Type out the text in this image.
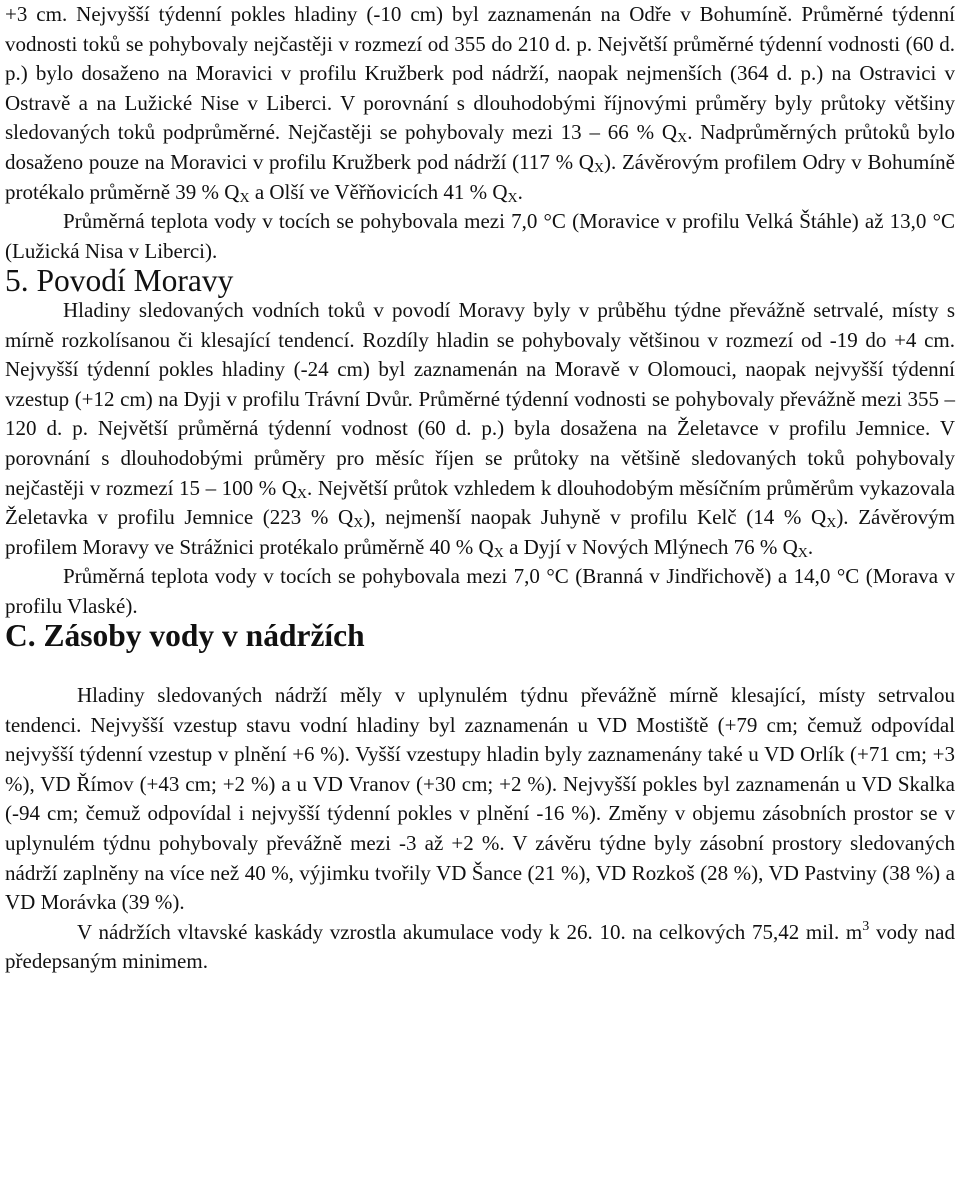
+3 cm. Nejvyšší týdenní pokles hladiny (-10 cm) byl zaznamenán na Odře v Bohumíně. Průměrné týdenní vodnosti toků se pohybovaly nejčastěji v rozmezí od 355 do 210 d. p. Největší průměrné týdenní vodnosti (60 d. p.) bylo dosaženo na Moravici v profilu Kružberk pod nádrží, naopak nejmenších (364 d. p.) na Ostravici v Ostravě a na Lužické Nise v Liberci. V porovnání s dlouhodobými říjnovými průměry byly průtoky většiny sledovaných toků podprůměrné. Nejčastěji se pohybovaly mezi 13 – 66 % $Q_X$. Nadprůměrných průtoků bylo dosaženo pouze na Moravici v profilu Kružberk pod nádrží (117 % $Q_X$). Závěrovým profilem Odry v Bohumíně protékalo průměrně 39 % $Q_X$ a Olší ve Věřňovicích 41 % $Q_X$.

Průměrná teplota vody v tocích se pohybovala mezi 7,0 °C (Moravice v profilu Velká Štáhle) až 13,0 °C (Lužická Nisa v Liberci).

5. Povodí Moravy

Hladiny sledovaných vodních toků v povodí Moravy byly v průběhu týdne převážně setrvalé, místy s mírně rozkolísanou či klesající tendencí. Rozdíly hladin se pohybovaly většinou v rozmezí od -19 do +4 cm. Nejvyšší týdenní pokles hladiny (-24 cm) byl zaznamenán na Moravě v Olomouci, naopak nejvyšší týdenní vzestup (+12 cm) na Dyji v profilu Trávní Dvůr. Průměrné týdenní vodnosti se pohybovaly převážně mezi 355 – 120 d. p. Největší průměrná týdenní vodnost (60 d. p.) byla dosažena na Želetavce v profilu Jemnice. V porovnání s dlouhodobými průměry pro měsíc říjen se průtoky na většině sledovaných toků pohybovaly nejčastěji v rozmezí 15 – 100 % $Q_X$. Největší průtok vzhledem k dlouhodobým měsíčním průměrům vykazovala Želetavka v profilu Jemnice (223 % $Q_X$), nejmenší naopak Juhyně v profilu Kelč (14 % $Q_X$). Závěrovým profilem Moravy ve Strážnici protékalo průměrně 40 % $Q_X$ a Dyjí v Nových Mlýnech 76 % $Q_X$.

Průměrná teplota vody v tocích se pohybovala mezi 7,0 °C (Branná v Jindřichově) a 14,0 °C (Morava v profilu Vlaské).

C. Zásoby vody v nádržích

Hladiny sledovaných nádrží měly v uplynulém týdnu převážně mírně klesající, místy setrvalou tendenci. Nejvyšší vzestup stavu vodní hladiny byl zaznamenán u VD Mostiště (+79 cm; čemuž odpovídal nejvyšší týdenní vzestup v plnění +6 %). Vyšší vzestupy hladin byly zaznamenány také u VD Orlík (+71 cm; +3 %), VD Římov (+43 cm; +2 %) a u VD Vranov (+30 cm; +2 %). Nejvyšší pokles byl zaznamenán u VD Skalka (-94 cm; čemuž odpovídal i nejvyšší týdenní pokles v plnění -16 %). Změny v objemu zásobních prostor se v uplynulém týdnu pohybovaly převážně mezi -3 až +2 %. V závěru týdne byly zásobní prostory sledovaných nádrží zaplněny na více než 40 %, výjimku tvořily VD Šance (21 %), VD Rozkoš (28 %), VD Pastviny (38 %) a VD Morávka (39 %).

V nádržích vltavské kaskády vzrostla akumulace vody k 26. 10. na celkových 75,42 mil. $m^3$ vody nad předepsaným minimem.
